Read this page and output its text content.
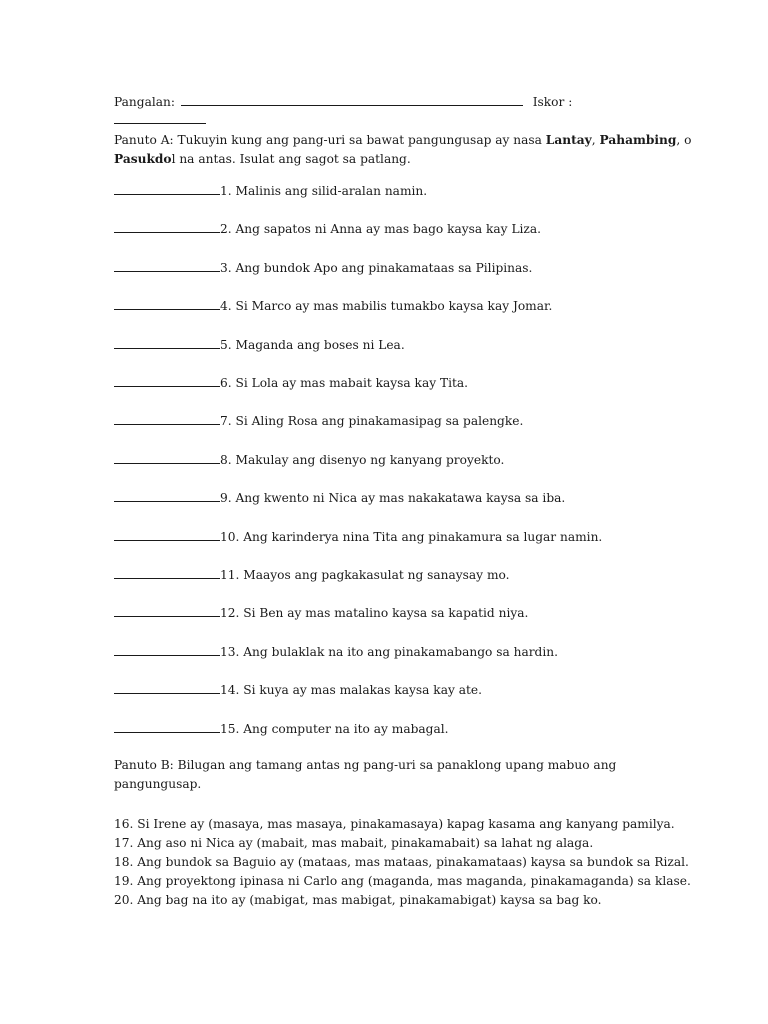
Pangalan:	Iskor :
Panuto A: Tukuyin kung ang pang-uri sa bawat pangungusap ay nasa Lantay, Pahambing, o
Pasukdol na antas. Isulat ang sagot sa patlang.
1. Malinis ang silid-aralan namin.
2. Ang sapatos ni Anna ay mas bago kaysa kay Liza.
3. Ang bundok Apo ang pinakamataas sa Pilipinas.
4. Si Marco ay mas mabilis tumakbo kaysa kay Jomar.
5. Maganda ang boses ni Lea.
6. Si Lola ay mas mabait kaysa kay Tita.
7. Si Aling Rosa ang pinakamasipag sa palengke.
8. Makulay ang disenyo ng kanyang proyekto.
9. Ang kwento ni Nica ay mas nakakatawa kaysa sa iba.
10. Ang karinderya nina Tita ang pinakamura sa lugar namin.
11. Maayos ang pagkakasulat ng sanaysay mo.
12. Si Ben ay mas matalino kaysa sa kapatid niya.
13. Ang bulaklak na ito ang pinakamabango sa hardin.
14. Si kuya ay mas malakas kaysa kay ate.
15. Ang computer na ito ay mabagal.
Panuto B: Bilugan ang tamang antas ng pang-uri sa panaklong upang mabuo ang
pangungusap.
16. Si Irene ay (masaya, mas masaya, pinakamasaya) kapag kasama ang kanyang pamilya.
17. Ang aso ni Nica ay (mabait, mas mabait, pinakamabait) sa lahat ng alaga.
18. Ang bundok sa Baguio ay (mataas, mas mataas, pinakamataas) kaysa sa bundok sa Rizal.
19. Ang proyektong ipinasa ni Carlo ang (maganda, mas maganda, pinakamaganda) sa klase.
20. Ang bag na ito ay (mabigat, mas mabigat, pinakamabigat) kaysa sa bag ko.
